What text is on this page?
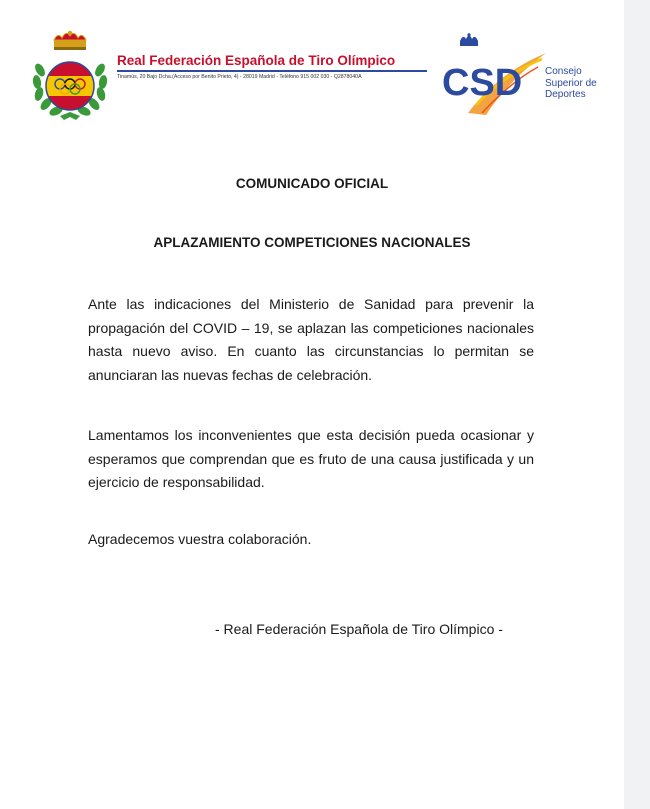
Real Federación Española de Tiro Olímpico
Tinamús, 20 Bajo Dcha.(Acceso por Benito Prieto, 4) - 28019 Madrid - Teléfono 915 002 030 - Q2878040A CSD Consejo
Superior de
Deportes
COMUNICADO OFICIAL
APLAZAMIENTO COMPETICIONES NACIONALES
Ante las indicaciones del Ministerio de Sanidad para prevenir la propagación del COVID – 19, se aplazan las competiciones nacionales hasta nuevo aviso. En cuanto las circunstancias lo permitan se anunciaran las nuevas fechas de celebración.
Lamentamos los inconvenientes que esta decisión pueda ocasionar y esperamos que comprendan que es fruto de una causa justificada y un ejercicio de responsabilidad.
Agradecemos vuestra colaboración.
- Real Federación Española de Tiro Olímpico -
